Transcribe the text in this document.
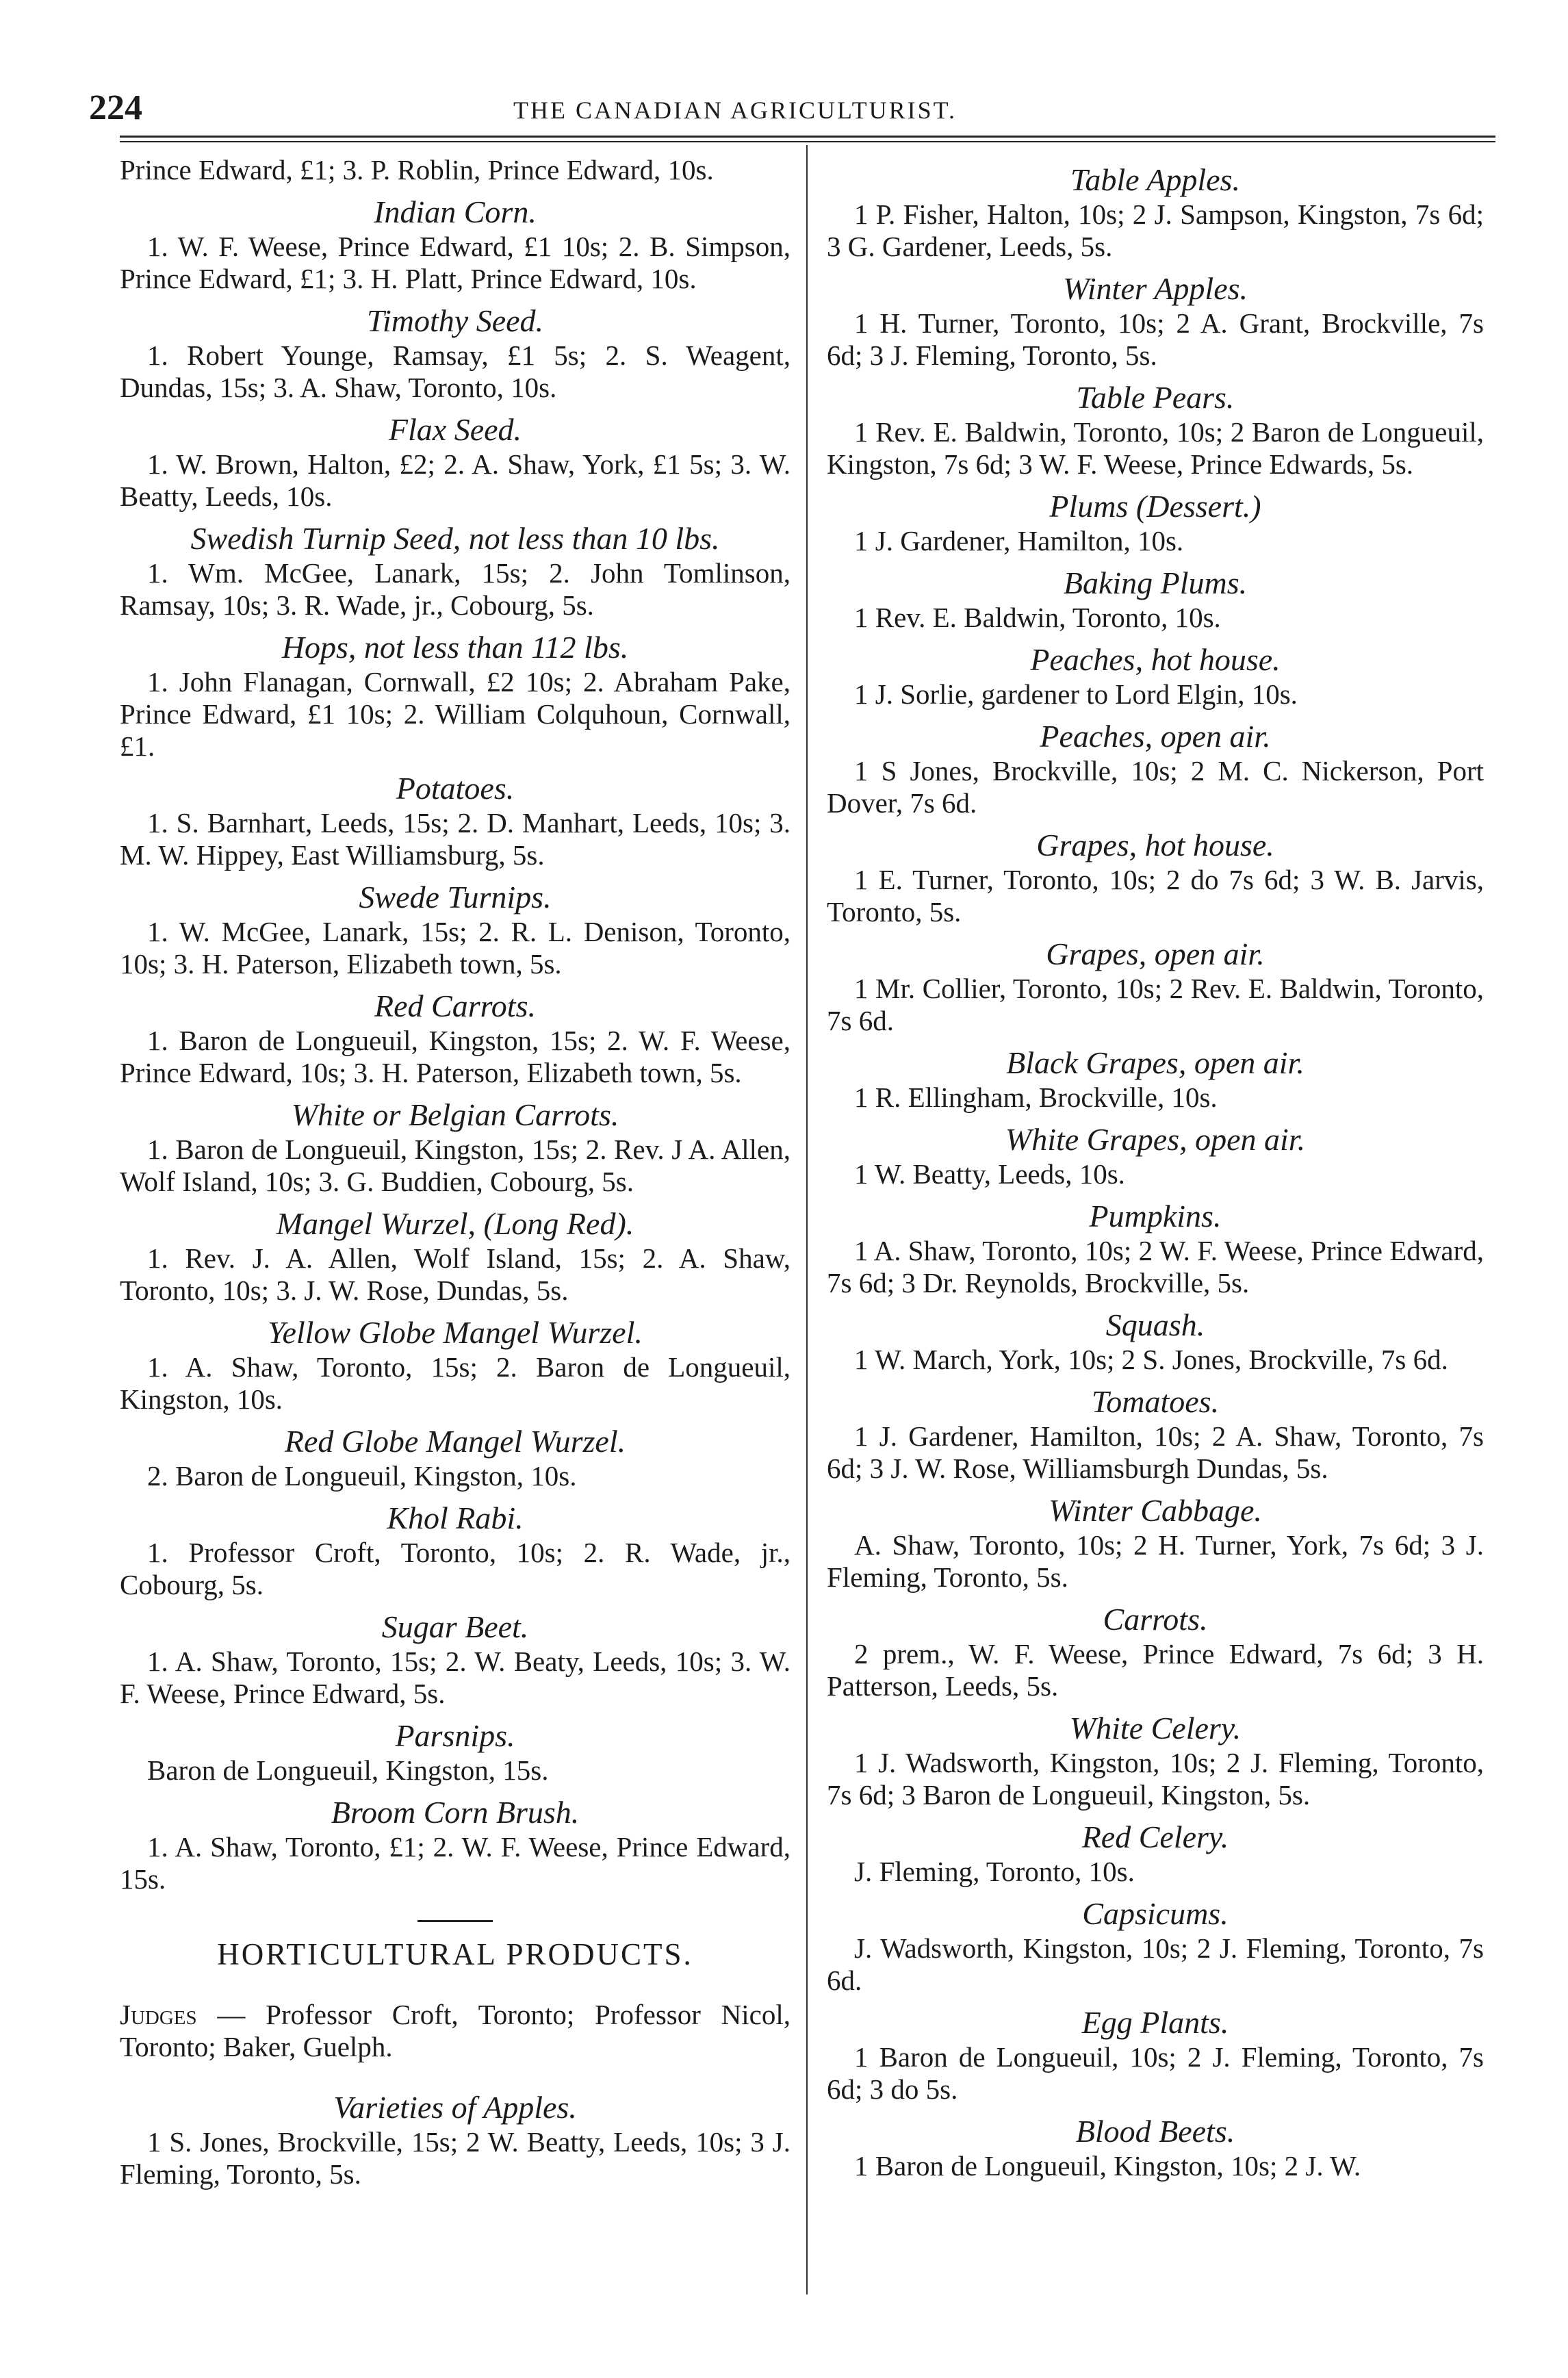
224	THE CANADIAN AGRICULTURIST.

Prince Edward, £1; 3. P. Roblin, Prince Edward, 10s.

Indian Corn.

1. W. F. Weese, Prince Edward, £1 10s; 2. B. Simpson, Prince Edward, £1; 3. H. Platt, Prince Edward, 10s.

Timothy Seed.

1. Robert Younge, Ramsay, £1 5s; 2. S. Weagent, Dundas, 15s; 3. A. Shaw, Toronto, 10s.

Flax Seed.

1. W. Brown, Halton, £2; 2. A. Shaw, York, £1 5s; 3. W. Beatty, Leeds, 10s.

Swedish Turnip Seed, not less than 10 lbs.

1. Wm. McGee, Lanark, 15s; 2. John Tomlinson, Ramsay, 10s; 3. R. Wade, jr., Cobourg, 5s.

Hops, not less than 112 lbs.

1. John Flanagan, Cornwall, £2 10s; 2. Abraham Pake, Prince Edward, £1 10s; 2. William Colquhoun, Cornwall, £1.

Potatoes.

1. S. Barnhart, Leeds, 15s; 2. D. Manhart, Leeds, 10s; 3. M. W. Hippey, East Williamsburg, 5s.

Swede Turnips.

1. W. McGee, Lanark, 15s; 2. R. L. Denison, Toronto, 10s; 3. H. Paterson, Elizabeth town, 5s.

Red Carrots.

1. Baron de Longueuil, Kingston, 15s; 2. W. F. Weese, Prince Edward, 10s; 3. H. Paterson, Elizabeth town, 5s.

White or Belgian Carrots.

1. Baron de Longueuil, Kingston, 15s; 2. Rev. J A. Allen, Wolf Island, 10s; 3. G. Buddien, Cobourg, 5s.

Mangel Wurzel, (Long Red).

1. Rev. J. A. Allen, Wolf Island, 15s; 2. A. Shaw, Toronto, 10s; 3. J. W. Rose, Dundas, 5s.

Yellow Globe Mangel Wurzel.

1. A. Shaw, Toronto, 15s; 2. Baron de Longueuil, Kingston, 10s.

Red Globe Mangel Wurzel.

2. Baron de Longueuil, Kingston, 10s.

Khol Rabi.

1. Professor Croft, Toronto, 10s; 2. R. Wade, jr., Cobourg, 5s.

Sugar Beet.

1. A. Shaw, Toronto, 15s; 2. W. Beaty, Leeds, 10s; 3. W. F. Weese, Prince Edward, 5s.

Parsnips.

Baron de Longueuil, Kingston, 15s.

Broom Corn Brush.

1. A. Shaw, Toronto, £1; 2. W. F. Weese, Prince Edward, 15s.

HORTICULTURAL PRODUCTS.

Judges — Professor Croft, Toronto; Professor Nicol, Toronto; Baker, Guelph.

Varieties of Apples.

1 S. Jones, Brockville, 15s; 2 W. Beatty, Leeds, 10s; 3 J. Fleming, Toronto, 5s.

Table Apples.

1 P. Fisher, Halton, 10s; 2 J. Sampson, Kingston, 7s 6d; 3 G. Gardener, Leeds, 5s.

Winter Apples.

1 H. Turner, Toronto, 10s; 2 A. Grant, Brockville, 7s 6d; 3 J. Fleming, Toronto, 5s.

Table Pears.

1 Rev. E. Baldwin, Toronto, 10s; 2 Baron de Longueuil, Kingston, 7s 6d; 3 W. F. Weese, Prince Edwards, 5s.

Plums (Dessert.)

1 J. Gardener, Hamilton, 10s.

Baking Plums.

1 Rev. E. Baldwin, Toronto, 10s.

Peaches, hot house.

1 J. Sorlie, gardener to Lord Elgin, 10s.

Peaches, open air.

1 S Jones, Brockville, 10s; 2 M. C. Nickerson, Port Dover, 7s 6d.

Grapes, hot house.

1 E. Turner, Toronto, 10s; 2 do 7s 6d; 3 W. B. Jarvis, Toronto, 5s.

Grapes, open air.

1 Mr. Collier, Toronto, 10s; 2 Rev. E. Baldwin, Toronto, 7s 6d.

Black Grapes, open air.

1 R. Ellingham, Brockville, 10s.

White Grapes, open air.

1 W. Beatty, Leeds, 10s.

Pumpkins.

1 A. Shaw, Toronto, 10s; 2 W. F. Weese, Prince Edward, 7s 6d; 3 Dr. Reynolds, Brockville, 5s.

Squash.

1 W. March, York, 10s; 2 S. Jones, Brockville, 7s 6d.

Tomatoes.

1 J. Gardener, Hamilton, 10s; 2 A. Shaw, Toronto, 7s 6d; 3 J. W. Rose, Williamsburgh Dundas, 5s.

Winter Cabbage.

A. Shaw, Toronto, 10s; 2 H. Turner, York, 7s 6d; 3 J. Fleming, Toronto, 5s.

Carrots.

2 prem., W. F. Weese, Prince Edward, 7s 6d; 3 H. Patterson, Leeds, 5s.

White Celery.

1 J. Wadsworth, Kingston, 10s; 2 J. Fleming, Toronto, 7s 6d; 3 Baron de Longueuil, Kingston, 5s.

Red Celery.

J. Fleming, Toronto, 10s.

Capsicums.

J. Wadsworth, Kingston, 10s; 2 J. Fleming, Toronto, 7s 6d.

Egg Plants.

1 Baron de Longueuil, 10s; 2 J. Fleming, Toronto, 7s 6d; 3 do 5s.

Blood Beets.

1 Baron de Longueuil, Kingston, 10s; 2 J. W.
